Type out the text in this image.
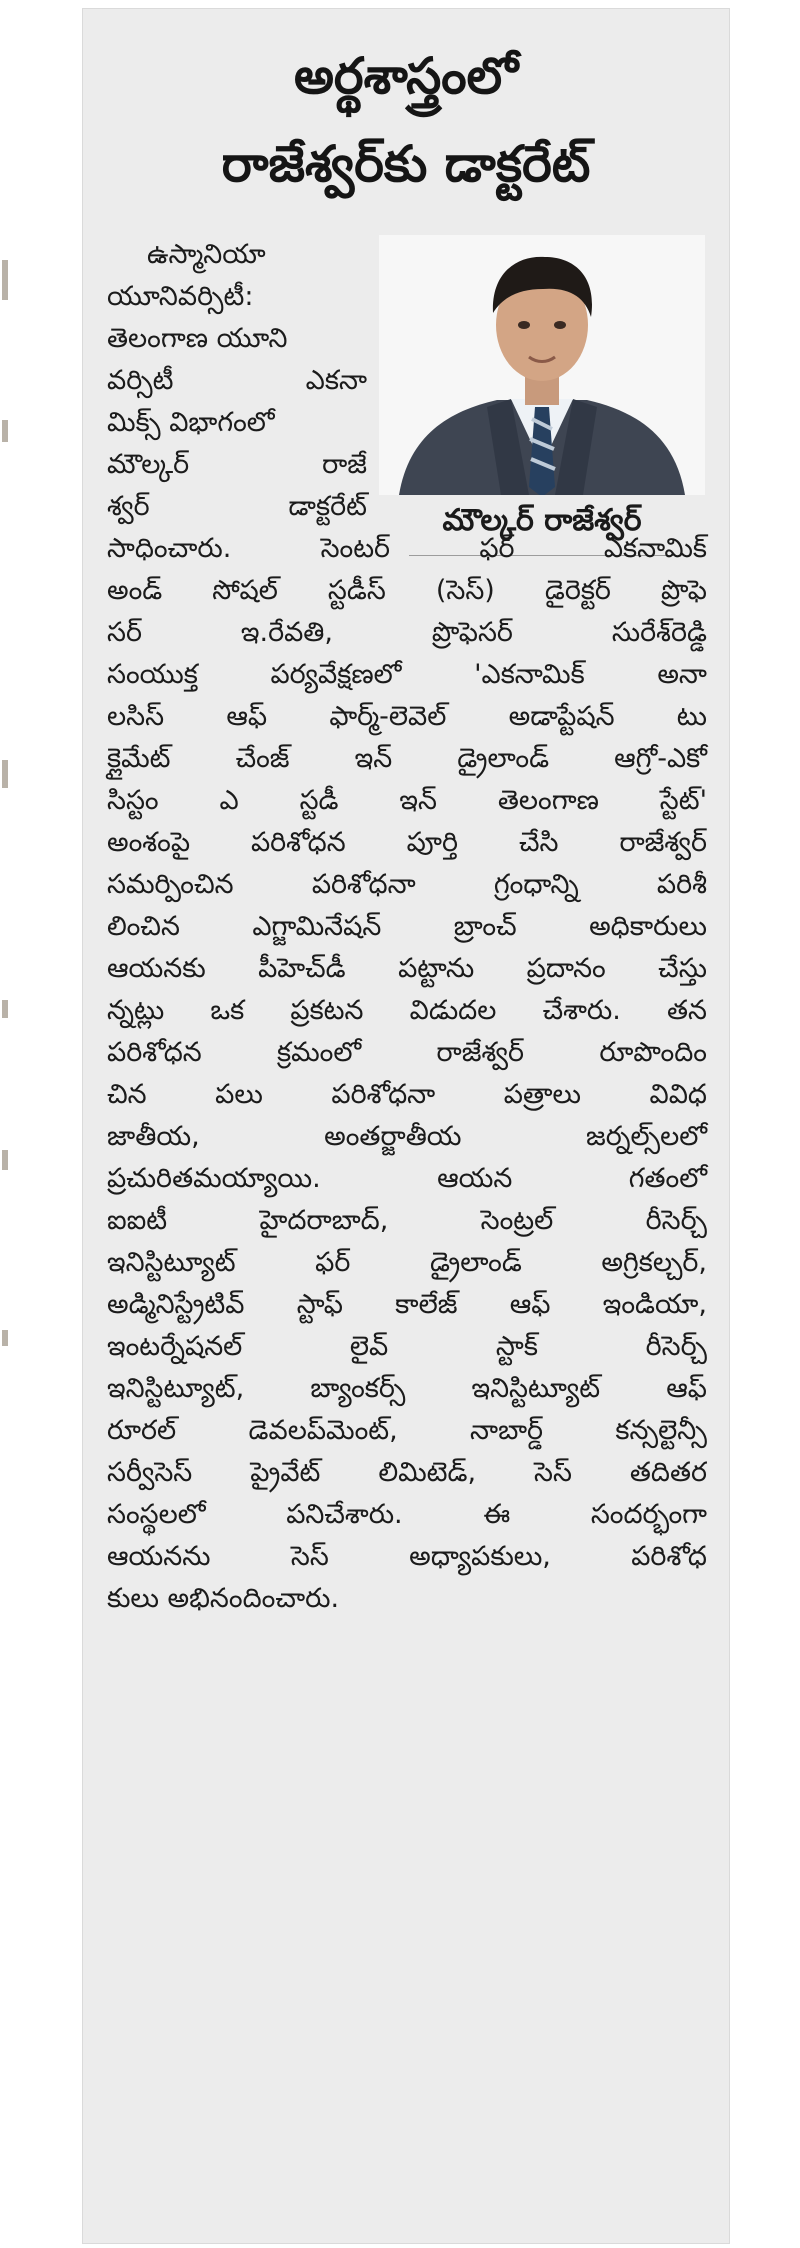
అర్థశాస్త్రంలో
రాజేశ్వర్‌కు డాక్టరేట్
మౌల్కర్ రాజేశ్వర్
ఉస్మానియా
యూనివర్సిటీ:
తెలంగాణ యూని
వర్సిటీ ఎకనా
మిక్స్ విభాగంలో
మౌల్కర్ రాజే
శ్వర్ డాక్టరేట్
సాధించారు. సెంటర్ ఫర్ ఎకనామిక్
అండ్ సోషల్ స్టడీస్ (సెస్) డైరెక్టర్ ప్రొఫె
సర్ ఇ.రేవతి, ప్రొఫెసర్ సురేశ్‌రెడ్డి
సంయుక్త పర్యవేక్షణలో 'ఎకనామిక్ అనా
లసిస్ ఆఫ్ ఫార్మ్-లెవెల్ అడాప్టేషన్ టు
క్లైమేట్ చేంజ్ ఇన్ డ్రైలాండ్ ఆగ్రో-ఎకో
సిస్టం ఎ స్టడీ ఇన్ తెలంగాణ స్టేట్'
అంశంపై పరిశోధన పూర్తి చేసి రాజేశ్వర్
సమర్పించిన పరిశోధనా గ్రంధాన్ని పరిశీ
లించిన ఎగ్జామినేషన్ బ్రాంచ్ అధికారులు
ఆయనకు పీహెచ్‌డీ పట్టాను ప్రదానం చేస్తు
న్నట్లు ఒక ప్రకటన విడుదల చేశారు. తన
పరిశోధన క్రమంలో రాజేశ్వర్ రూపొందిం
చిన పలు పరిశోధనా పత్రాలు వివిధ
జాతీయ, అంతర్జాతీయ జర్నల్స్‌లలో
ప్రచురితమయ్యాయి. ఆయన గతంలో
ఐఐటీ హైదరాబాద్, సెంట్రల్ రీసెర్చ్
ఇనిస్టిట్యూట్ ఫర్ డ్రైలాండ్ అగ్రికల్చర్,
అడ్మినిస్ట్రేటివ్ స్టాఫ్ కాలేజ్ ఆఫ్ ఇండియా,
ఇంటర్నేషనల్ లైవ్ స్టాక్ రీసెర్చ్
ఇనిస్టిట్యూట్, బ్యాంకర్స్ ఇనిస్టిట్యూట్ ఆఫ్
రూరల్ డెవలప్‌మెంట్, నాబార్డ్ కన్సల్టెన్సీ
సర్వీసెస్ ప్రైవేట్ లిమిటెడ్, సెస్ తదితర
సంస్థలలో పనిచేశారు. ఈ సందర్భంగా
ఆయనను సెస్ అధ్యాపకులు, పరిశోధ
కులు అభినందించారు.
